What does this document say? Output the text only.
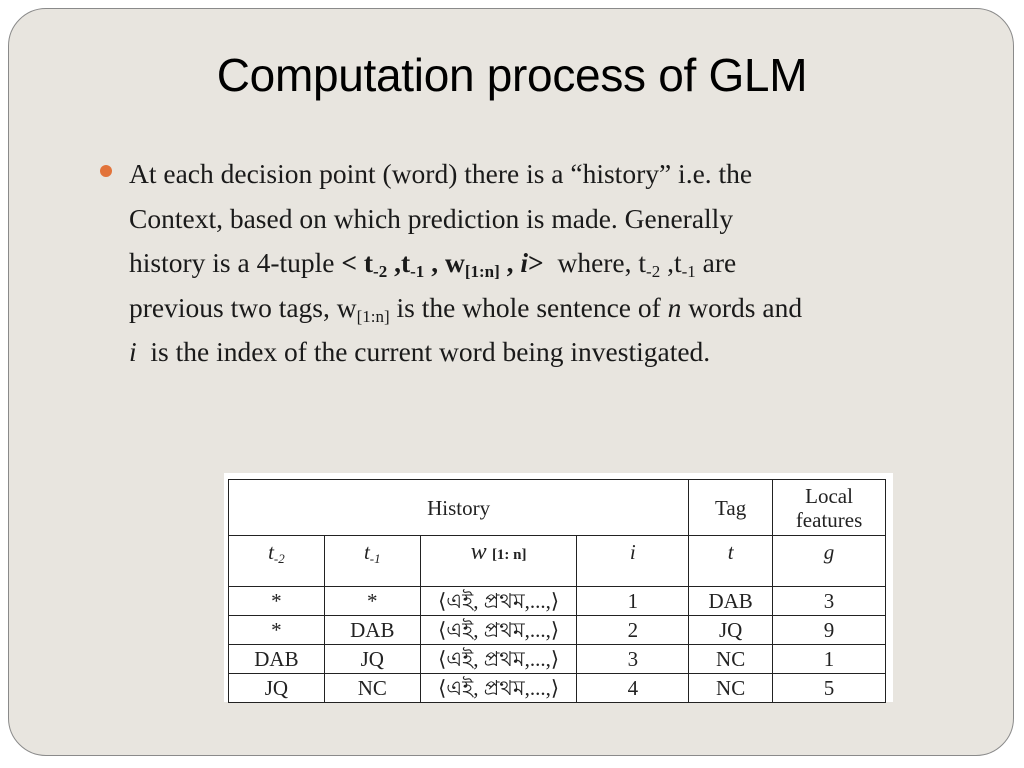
Computation process of GLM
At each decision point (word) there is a “history” i.e. the
Context, based on which prediction is made. Generally
history is a 4-tuple < $t_{-2}$ $,t_{-1}$ , $w_{[1:n]}$ , i>  where, $t_{-2}$ $,t_{-1}$ are
previous two tags, $w_{[1:n]}$ is the whole sentence of n words and
i  is the index of the current word being investigated.
History				Tag	Local
features
t-2	t-1	w [1: n]	i	t	g
*	*	⟨এই, প্রথম,...,⟩	1	DAB	3
*	DAB	⟨এই, প্রথম,...,⟩	2	JQ	9
DAB	JQ	⟨এই, প্রথম,...,⟩	3	NC	1
JQ	NC	⟨এই, প্রথম,...,⟩	4	NC	5
